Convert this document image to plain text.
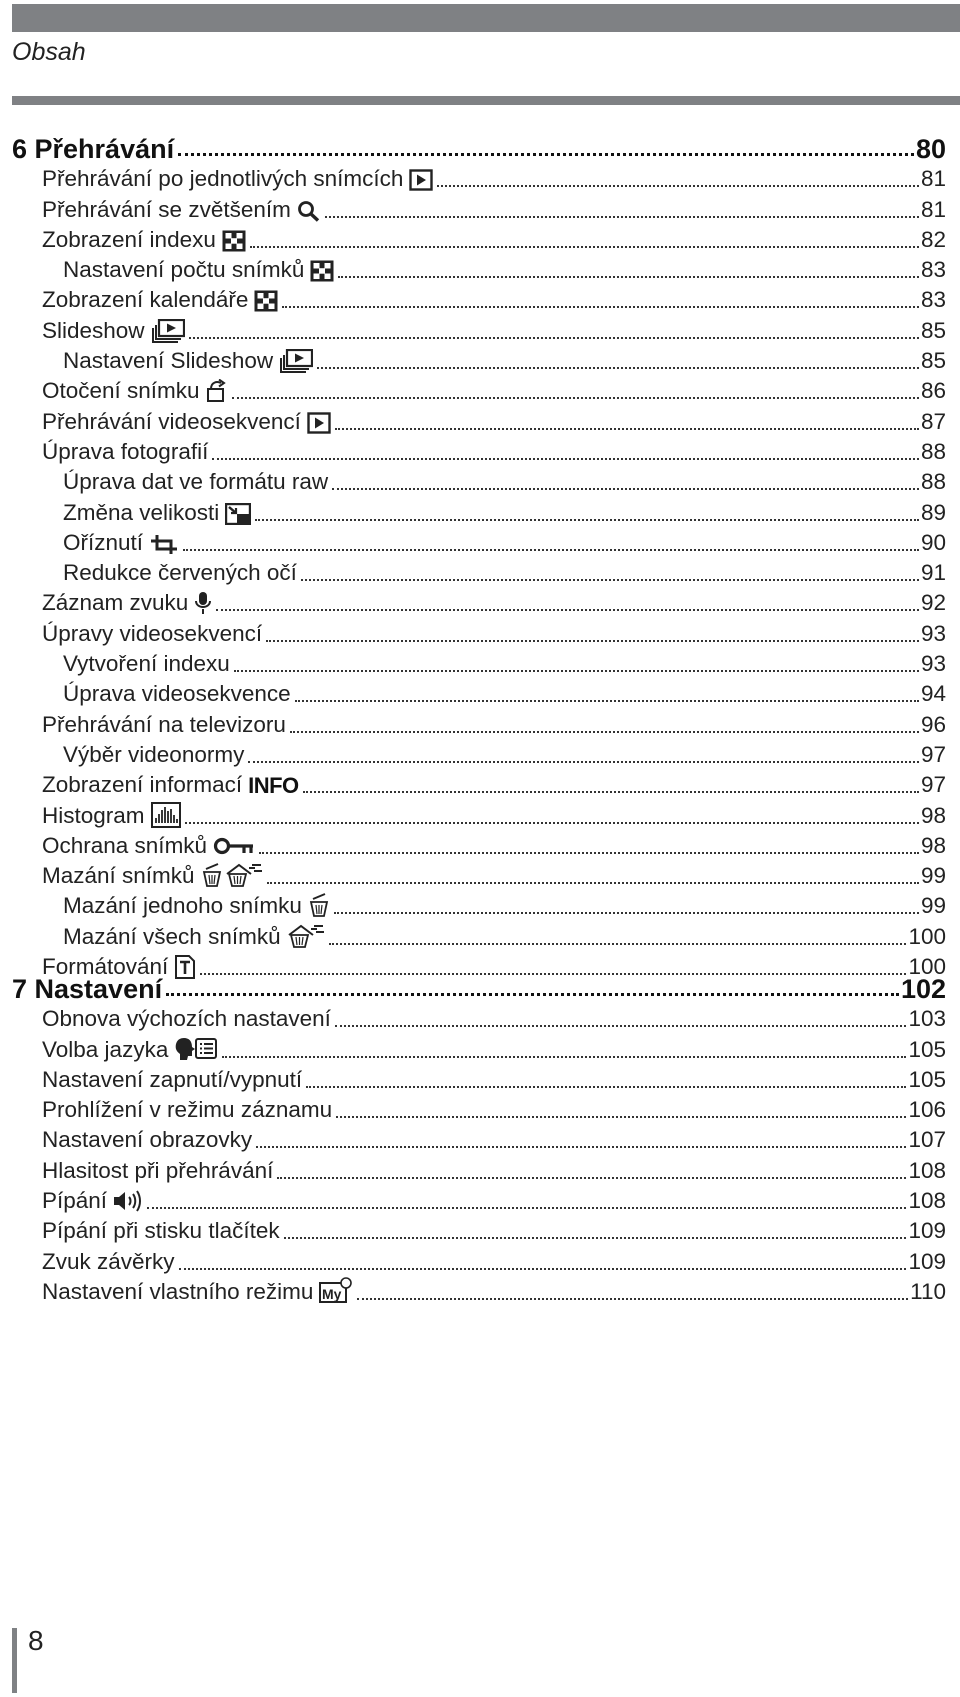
Obsah
6 Přehrávání	80
Přehrávání po jednotlivých snímcích	81
Přehrávání se zvětšením	81
Zobrazení indexu	82
Nastavení počtu snímků	83
Zobrazení kalendáře	83
Slideshow	85
Nastavení Slideshow	85
Otočení snímku	86
Přehrávání videosekvencí	87
Úprava fotografií	88
Úprava dat ve formátu raw	88
Změna velikosti	89
Oříznutí	90
Redukce červených očí	91
Záznam zvuku	92
Úpravy videosekvencí	93
Vytvoření indexu	93
Úprava videosekvence	94
Přehrávání na televizoru	96
Výběr videonormy	97
Zobrazení informací INFO	97
Histogram	98
Ochrana snímků	98
Mazání snímků	99
Mazání jednoho snímku	99
Mazání všech snímků	100
Formátování	100
7 Nastavení	102
Obnova výchozích nastavení	103
Volba jazyka	105
Nastavení zapnutí/vypnutí	105
Prohlížení v režimu záznamu	106
Nastavení obrazovky	107
Hlasitost při přehrávání	108
Pípání	108
Pípání při stisku tlačítek	109
Zvuk závěrky	109
Nastavení vlastního režimu My	110
8
